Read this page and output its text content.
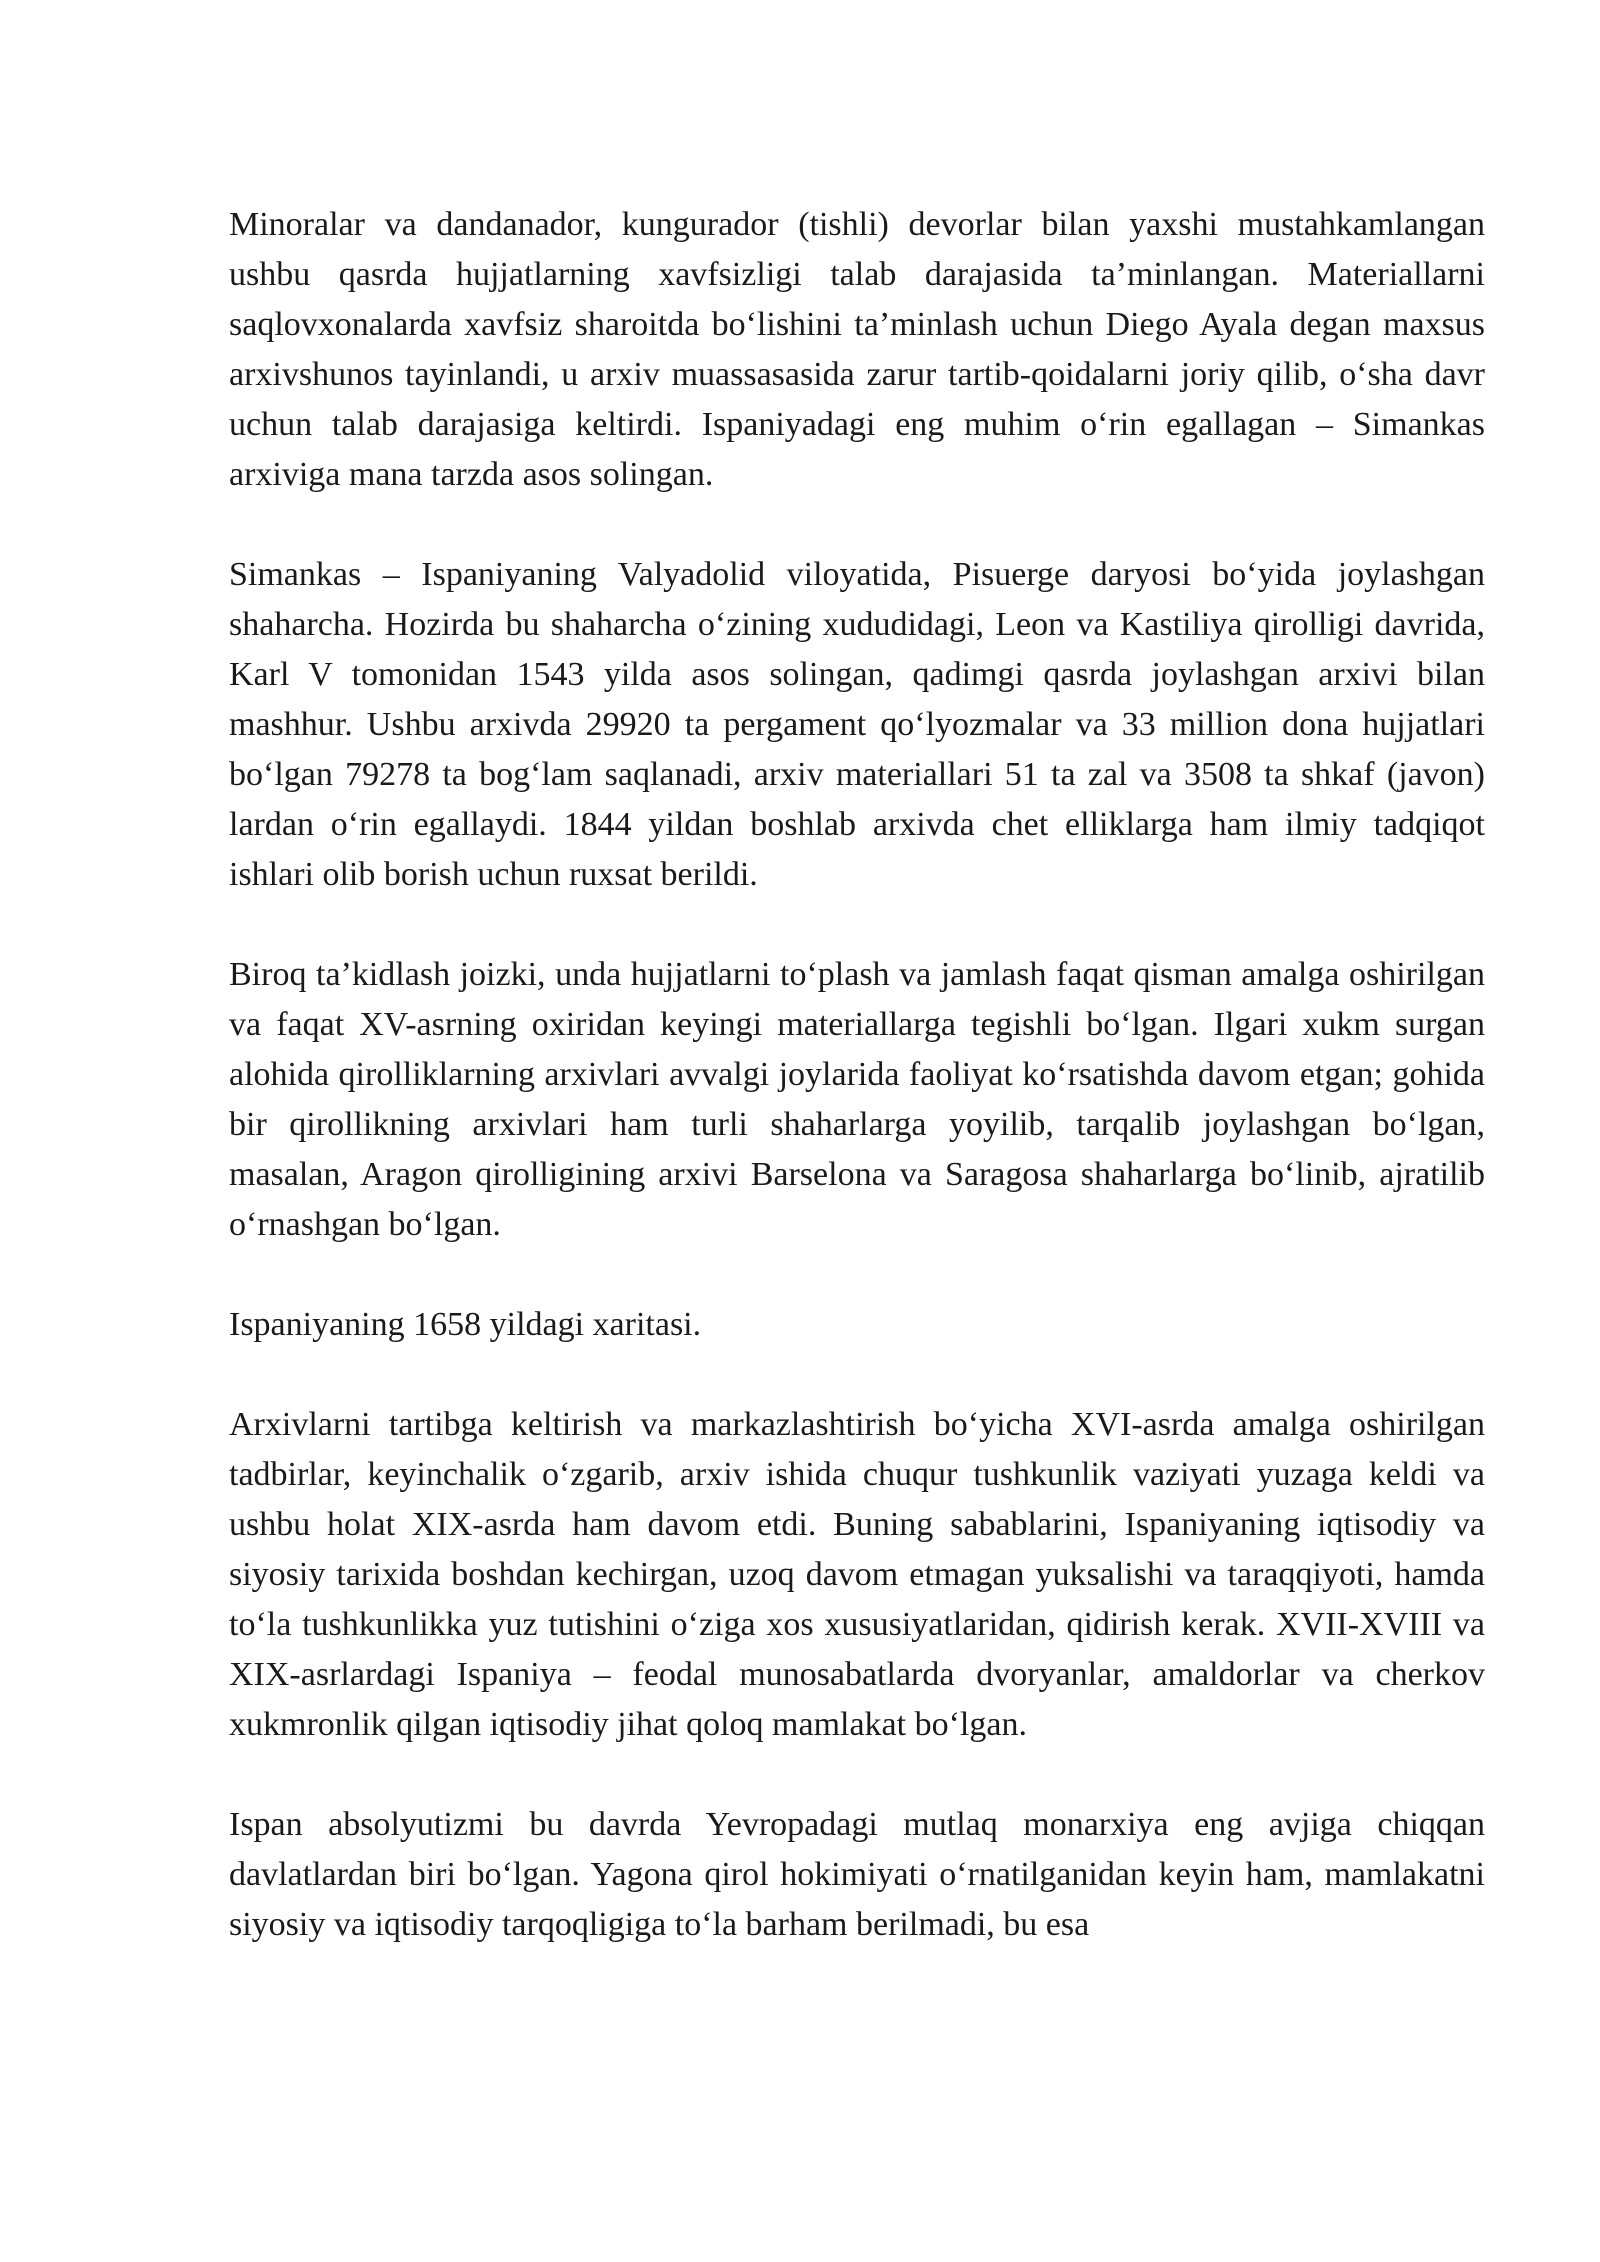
Minoralar va dandanador, kungurador (tishli) devorlar bilan yaxshi mustahkamlangan ushbu qasrda hujjatlarning xavfsizligi talab darajasida ta’minlangan. Materiallarni saqlovxonalarda xavfsiz sharoitda bo‘lishini ta’minlash uchun Diego Ayala degan maxsus arxivshunos tayinlandi, u arxiv muassasasida zarur tartib-qoidalarni joriy qilib, o‘sha davr uchun talab darajasiga keltirdi. Ispaniyadagi eng muhim o‘rin egallagan – Simankas arxiviga mana tarzda asos solingan.

Simankas – Ispaniyaning Valyadolid viloyatida, Pisuerge daryosi bo‘yida joylashgan shaharcha. Hozirda bu shaharcha o‘zining xududidagi, Leon va Kastiliya qirolligi davrida, Karl V tomonidan 1543 yilda asos solingan, qadimgi qasrda joylashgan arxivi bilan mashhur. Ushbu arxivda 29920 ta pergament qo‘lyozmalar va 33 million dona hujjatlari bo‘lgan 79278 ta bog‘lam saqlanadi, arxiv materiallari 51 ta zal va 3508 ta shkaf (javon) lardan o‘rin egallaydi. 1844 yildan boshlab arxivda chet elliklarga ham ilmiy tadqiqot ishlari olib borish uchun ruxsat berildi.

Biroq ta’kidlash joizki, unda hujjatlarni to‘plash va jamlash faqat qisman amalga oshirilgan va faqat XV-asrning oxiridan keyingi materiallarga tegishli bo‘lgan. Ilgari xukm surgan alohida qirolliklarning arxivlari avvalgi joylarida faoliyat ko‘rsatishda davom etgan; gohida bir qirollikning arxivlari ham turli shaharlarga yoyilib, tarqalib joylashgan bo‘lgan, masalan, Aragon qirolligining arxivi Barselona va Saragosa shaharlarga bo‘linib, ajratilib o‘rnashgan bo‘lgan.

Ispaniyaning 1658 yildagi xaritasi.

Arxivlarni tartibga keltirish va markazlashtirish bo‘yicha XVI-asrda amalga oshirilgan tadbirlar, keyinchalik o‘zgarib, arxiv ishida chuqur tushkunlik vaziyati yuzaga keldi va ushbu holat XIX-asrda ham davom etdi. Buning sabablarini, Ispaniyaning iqtisodiy va siyosiy tarixida boshdan kechirgan, uzoq davom etmagan yuksalishi va taraqqiyoti, hamda to‘la tushkunlikka yuz tutishini o‘ziga xos xususiyatlaridan, qidirish kerak. XVII-XVIII va XIX-asrlardagi Ispaniya – feodal munosabatlarda dvoryanlar, amaldorlar va cherkov xukmronlik qilgan iqtisodiy jihat qoloq mamlakat bo‘lgan.

Ispan absolyutizmi bu davrda Yevropadagi mutlaq monarxiya eng avjiga chiqqan davlatlardan biri bo‘lgan. Yagona qirol hokimiyati o‘rnatilganidan keyin ham, mamlakatni siyosiy va iqtisodiy tarqoqligiga to‘la barham berilmadi, bu esa
